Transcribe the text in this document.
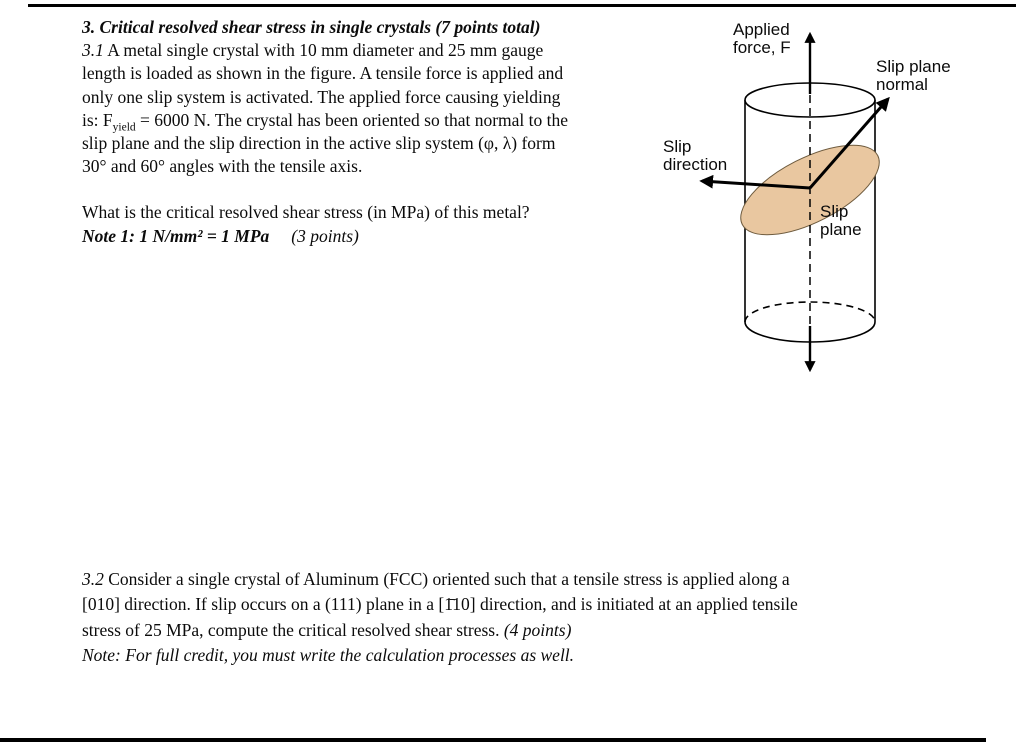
3. Critical resolved shear stress in single crystals (7 points total)
3.1 A metal single crystal with 10 mm diameter and 25 mm gauge
length is loaded as shown in the figure. A tensile force is applied and
only one slip system is activated. The applied force causing yielding
is: $F_{yield} = 6000$ N. The crystal has been oriented so that normal to the
slip plane and the slip direction in the active slip system (φ, λ) form
30° and 60° angles with the tensile axis.
What is the critical resolved shear stress (in MPa) of this metal?
Note 1: 1 N/mm² = 1 MPa (3 points)
Applied
force, F
Slip plane
normal
Slip
direction
Slip
plane
3.2 Consider a single crystal of Aluminum (FCC) oriented such that a tensile stress is applied along a
[010] direction. If slip occurs on a (111) plane in a [1̄10] direction, and is initiated at an applied tensile
stress of 25 MPa, compute the critical resolved shear stress. (4 points)
Note: For full credit, you must write the calculation processes as well.
